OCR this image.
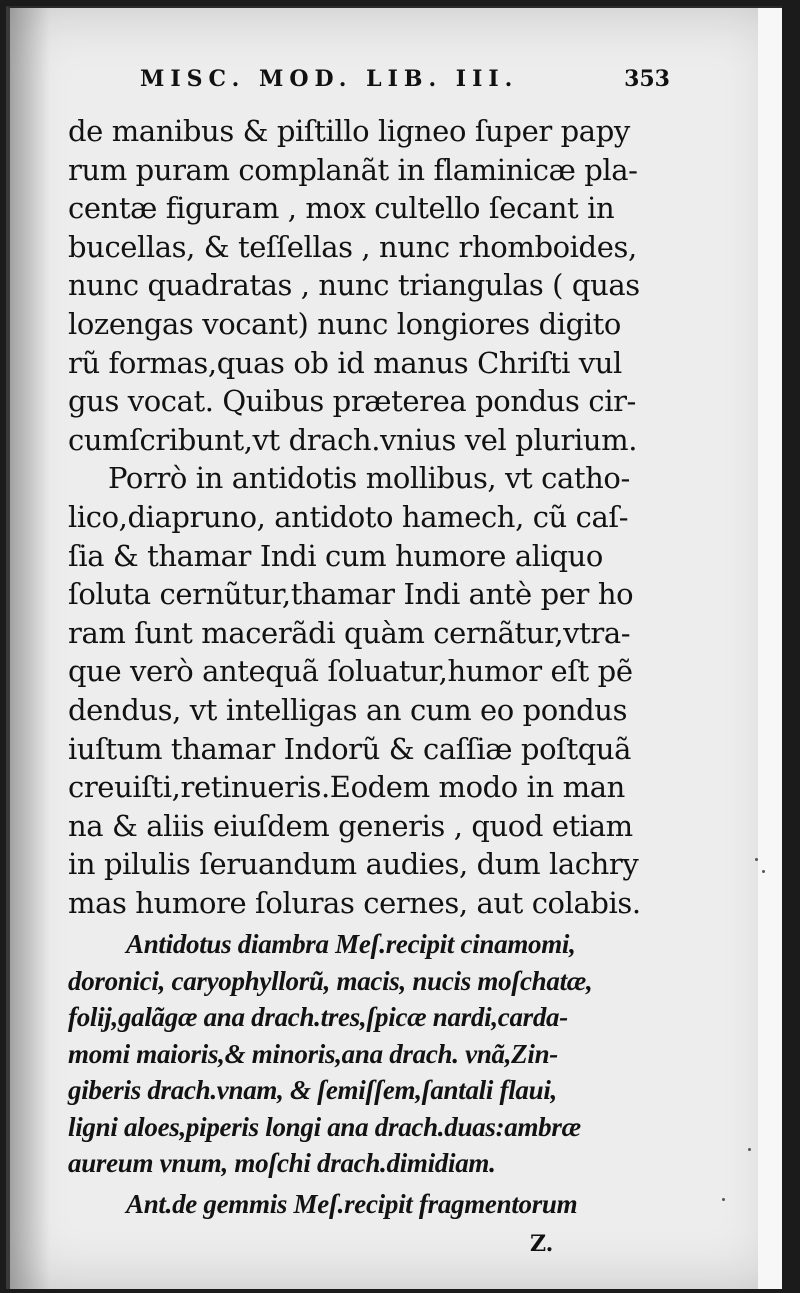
MISC. MOD. LIB. III.	353
de manibus & piſtillo ligneo ſuper papy
rum puram complanãt in flaminicæ pla-
centæ figuram , mox cultello ſecant in
bucellas, & teſſellas , nunc rhomboides,
nunc quadratas , nunc triangulas ( quas
lozengas vocant) nunc longiores digito
rũ formas,quas ob id manus Chriſti vul
gus vocat. Quibus præterea pondus cir-
cumſcribunt,vt drach.vnius vel plurium.
Porrò in antidotis mollibus, vt catho-
lico,diapruno, antidoto hamech, cũ caſ-
ſia & thamar Indi cum humore aliquo
ſoluta cernũtur,thamar Indi antè per ho
ram ſunt macerãdi quàm cernãtur,vtra-
que verò antequã ſoluatur,humor eſt pẽ
dendus, vt intelligas an cum eo pondus
iuſtum thamar Indorũ & caſſiæ poſtquã
creuiſti,retinueris.Eodem modo in man
na & aliis eiuſdem generis , quod etiam
in pilulis ſeruandum audies, dum lachry
mas humore ſoluras cernes, aut colabis.
Antidotus diambra Meſ.recipit cinamomi,
doronici, caryophyllorũ, macis, nucis moſchatæ,
folij,galãgæ ana drach.tres,ſpicæ nardi,carda-
momi maioris,& minoris,ana drach. vnã,Zin-
giberis drach.vnam, & ſemiſſem,ſantali flaui,
ligni aloes,piperis longi ana drach.duas:ambræ
aureum vnum, moſchi drach.dimidiam.
Ant.de gemmis Meſ.recipit fragmentorum
Z.
